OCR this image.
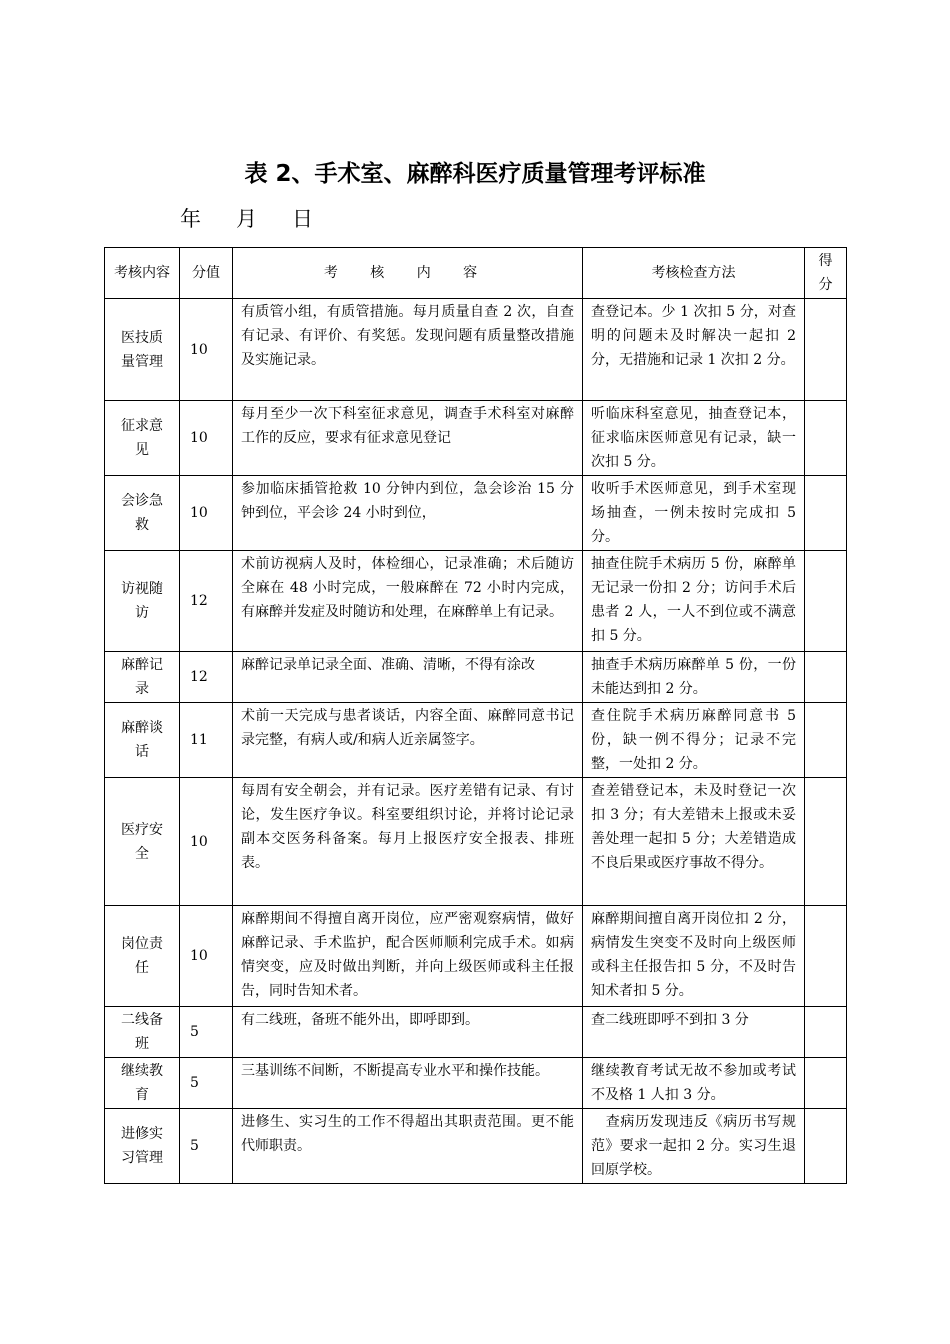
表 2、手术室、麻醉科医疗质量管理考评标准
年 月 日
考核内容	分值	考 核 内 容	考核检查方法	得分
医技质量管理	10	有质管小组，有质管措施。每月质量自查 2 次，自查有记录、有评价、有奖惩。发现问题有质量整改措施及实施记录。	查登记本。少 1 次扣 5 分，对查明的问题未及时解决一起扣 2 分，无措施和记录 1 次扣 2 分。	
征求意见	10	每月至少一次下科室征求意见，调查手术科室对麻醉工作的反应，要求有征求意见登记	听临床科室意见，抽查登记本，征求临床医师意见有记录，缺一次扣 5 分。	
会诊急救	10	参加临床插管抢救 10 分钟内到位，急会诊治 15 分钟到位，平会诊 24 小时到位，	收听手术医师意见，到手术室现场抽查，一例未按时完成扣 5 分。	
访视随访	12	术前访视病人及时，体检细心，记录准确；术后随访全麻在 48 小时完成，一般麻醉在 72 小时内完成，有麻醉并发症及时随访和处理，在麻醉单上有记录。	抽查住院手术病历 5 份，麻醉单无记录一份扣 2 分；访问手术后患者 2 人，一人不到位或不满意扣 5 分。	
麻醉记录	12	麻醉记录单记录全面、准确、清晰，不得有涂改	抽查手术病历麻醉单 5 份，一份未能达到扣 2 分。	
麻醉谈话	11	术前一天完成与患者谈话，内容全面、麻醉同意书记录完整，有病人或/和病人近亲属签字。	查住院手术病历麻醉同意书 5 份，缺一例不得分；记录不完整，一处扣 2 分。	
医疗安全	10	每周有安全朝会，并有记录。医疗差错有记录、有讨论，发生医疗争议。科室要组织讨论，并将讨论记录副本交医务科备案。每月上报医疗安全报表、排班表。	查差错登记本，未及时登记一次扣 3 分；有大差错未上报或未妥善处理一起扣 5 分；大差错造成不良后果或医疗事故不得分。	
岗位责任	10	麻醉期间不得擅自离开岗位，应严密观察病情，做好麻醉记录、手术监护，配合医师顺利完成手术。如病情突变，应及时做出判断，并向上级医师或科主任报告，同时告知术者。	麻醉期间擅自离开岗位扣 2 分，病情发生突变不及时向上级医师或科主任报告扣 5 分，不及时告知术者扣 5 分。	
二线备班	5	有二线班，备班不能外出，即呼即到。	查二线班即呼不到扣 3 分	
继续教育	5	三基训练不间断，不断提高专业水平和操作技能。	继续教育考试无故不参加或考试不及格 1 人扣 3 分。	
进修实习管理	5	进修生、实习生的工作不得超出其职责范围。更不能代师职责。	　查病历发现违反《病历书写规范》要求一起扣 2 分。实习生退回原学校。	
